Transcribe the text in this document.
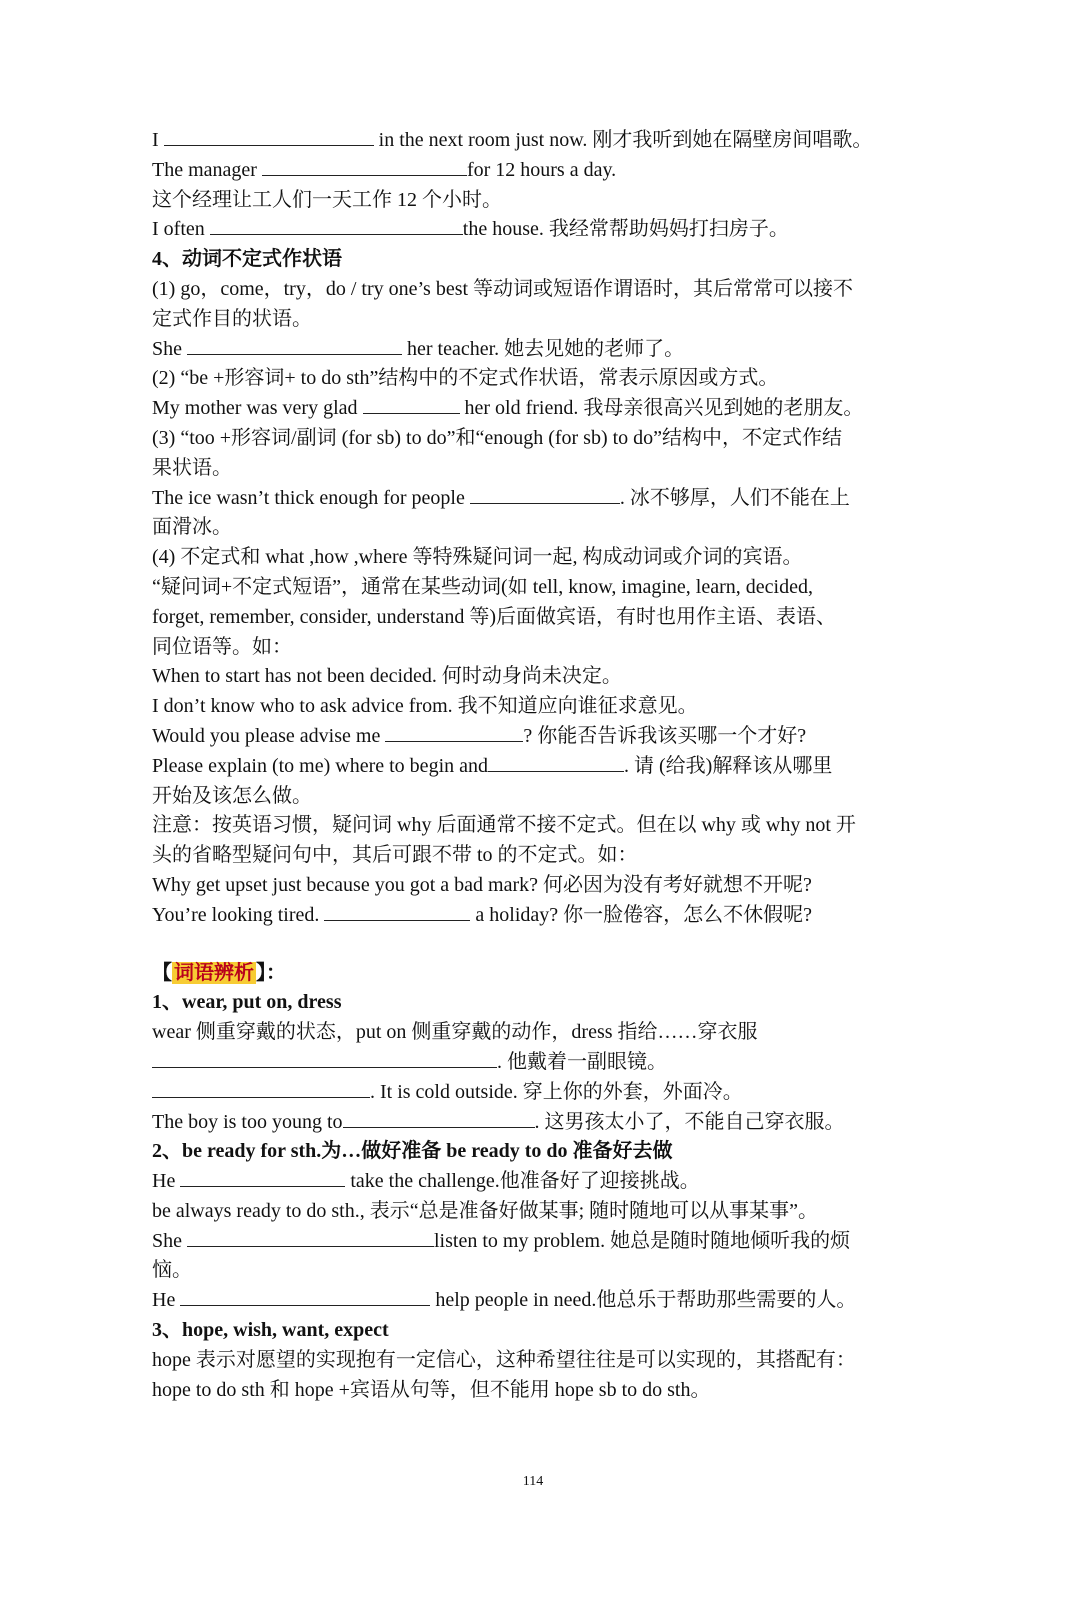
I	in the next room just now. 刚才我听到她在隔壁房间唱歌。
The manager	for 12 hours a day.
这个经理让工人们一天工作 12 个小时。
I often	the house. 我经常帮助妈妈打扫房子。
4、动词不定式作状语
(1) go，come，try，do / try one’s best 等动词或短语作谓语时，其后常常可以接不
定式作目的状语。
She	her teacher. 她去见她的老师了。
(2) “be +形容词+ to do sth”结构中的不定式作状语，常表示原因或方式。
My mother was very glad	her old friend. 我母亲很高兴见到她的老朋友。
(3) “too +形容词/副词 (for sb) to do”和“enough (for sb) to do”结构中，不定式作结
果状语。
The ice wasn’t thick enough for people	. 冰不够厚，人们不能在上
面滑冰。
(4) 不定式和 what ,how ,where 等特殊疑问词一起, 构成动词或介词的宾语。
“疑问词+不定式短语”，通常在某些动词(如 tell, know, imagine, learn, decided,
forget, remember, consider, understand 等)后面做宾语，有时也用作主语、表语、
同位语等。如：
When to start has not been decided. 何时动身尚未决定。
I don’t know who to ask advice from. 我不知道应向谁征求意见。
Would you please advise me	? 你能否告诉我该买哪一个才好?
Please explain (to me) where to begin and	. 请 (给我)解释该从哪里
开始及该怎么做。
注意：按英语习惯，疑问词 why 后面通常不接不定式。但在以 why 或 why not 开
头的省略型疑问句中，其后可跟不带 to 的不定式。如：
Why get upset just because you got a bad mark? 何必因为没有考好就想不开呢?
You’re looking tired.	a holiday? 你一脸倦容，怎么不休假呢?
【 词语辨析 】：
1、wear, put on, dress
wear 侧重穿戴的状态，put on 侧重穿戴的动作，dress 指给……穿衣服
. 他戴着一副眼镜。
. It is cold outside. 穿上你的外套，外面冷。
The boy is too young to	. 这男孩太小了，不能自己穿衣服。
2、be ready for sth.为…做好准备 be ready to do 准备好去做
He	take the challenge.他准备好了迎接挑战。
be always ready to do sth., 表示“总是准备好做某事; 随时随地可以从事某事”。
She	listen to my problem. 她总是随时随地倾听我的烦
恼。
He	help people in need.他总乐于帮助那些需要的人。
3、hope, wish, want, expect
hope 表示对愿望的实现抱有一定信心，这种希望往往是可以实现的，其搭配有：
hope to do sth 和 hope +宾语从句等，但不能用 hope sb to do sth。
114
